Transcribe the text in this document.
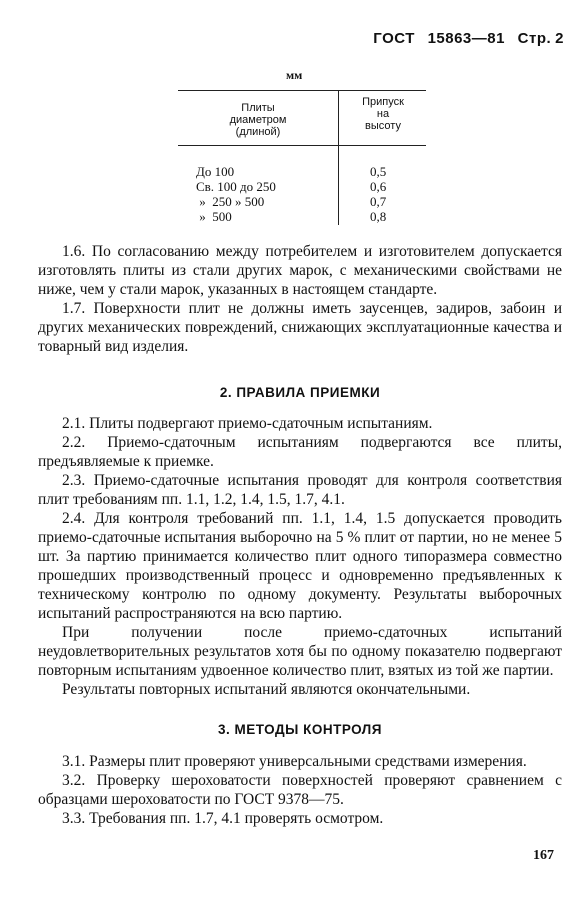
ГОСТ 15863—81 Стр. 2
мм
Плиты
диаметром
(длиной)
Припуск
на
высоту
До 100
Св. 100 до 250
»  250 » 500
»  500
0,5
0,6
0,7
0,8

1.6. По согласованию между потребителем и изготовителем допускается изготовлять плиты из стали других марок, с механическими свойствами не ниже, чем у стали марок, указанных в настоящем стандарте.

1.7. Поверхности плит не должны иметь заусенцев, задиров, забоин и других механических повреждений, снижающих эксплуатационные качества и товарный вид изделия.

2. ПРАВИЛА ПРИЕМКИ

2.1. Плиты подвергают приемо-сдаточным испытаниям.

2.2. Приемо-сдаточным испытаниям подвергаются все плиты, предъявляемые к приемке.

2.3. Приемо-сдаточные испытания проводят для контроля соответствия плит требованиям пп. 1.1, 1.2, 1.4, 1.5, 1.7, 4.1.

2.4. Для контроля требований пп. 1.1, 1.4, 1.5 допускается проводить приемо-сдаточные испытания выборочно на 5 % плит от партии, но не менее 5 шт. За партию принимается количество плит одного типоразмера совместно прошедших производственный процесс и одновременно предъявленных к техническому контролю по одному документу. Результаты выборочных испытаний распространяются на всю партию.

При получении после приемо-сдаточных испытаний неудовлетворительных результатов хотя бы по одному показателю подвергают повторным испытаниям удвоенное количество плит, взятых из той же партии.

Результаты повторных испытаний являются окончательными.

3. МЕТОДЫ КОНТРОЛЯ

3.1. Размеры плит проверяют универсальными средствами измерения.

3.2. Проверку шероховатости поверхностей проверяют сравнением с образцами шероховатости по ГОСТ 9378—75.

3.3. Требования пп. 1.7, 4.1 проверять осмотром.

167
